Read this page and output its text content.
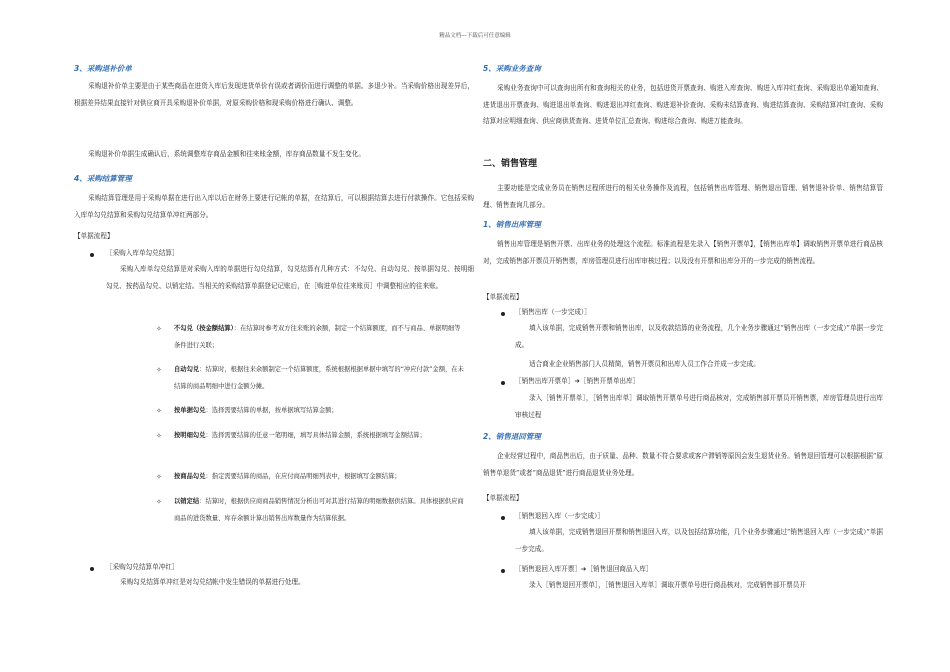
精品文档---下载后可任意编辑
3、采购退补价单
采购退补价单主要是由于某些商品在进货入库后发现进货单价有误或者调价而进行调整的单据。多退少补。当采购价格出现差异后，根据差异结果直接针对供应商开具采购退补价单据，对原采购价格和现采购价格进行确认、调整。
采购退补价单据生成确认后，系统调整库存商品金额和往来账金额，库存商品数量不发生变化。
4、采购结算管理
采购结算管理是用于采购单据在进行出入库以后在财务上要进行记帐的单据，在结算后，可以根据结算去进行付款操作。它包括采购入库单勾兑结算和采购勾兑结算单冲红两部分。
【单据流程】
［采购入库单勾兑结算］
采购入库单勾兑结算是对采购入库的单据进行勾兑结算，勾兑结算有几种方式：不勾兑、自动勾兑、按单据勾兑、按明细勾兑、按药品勾兑、以销定结。当相关的采购结算单据登记记账后，在［购进单位往来账页］中调整相应的往来账。
✧ 不勾兑（按金额结算）：在结算时参考双方往来账的余额，制定一个结算额度，而不与商品、单据明细等条件进行关联；
✧ 自动勾兑：结算时，根据往来余额制定一个结算额度，系统根据根据单据中填写的“冲应付款”金额，在未结算的商品明细中进行金额分摊。
✧ 按单据勾兑：选择需要结算的单据，按单据填写结算金额；
✧ 按明细勾兑：选择需要结算的任意一笔明细，填写具体结算金额，系统根据填写金额结算；
✧ 按商品勾兑：指定需要结算的商品，在应付商品明细列表中，根据填写金额结算；
✧ 以销定结：结算时，根据供应商商品销售情况分析出可对其进行结算的明细数据供结算。具体根据供应商商品的进货数量、库存余额计算出销售出库数量作为结算依据。
［采购勾兑结算单冲红］
采购勾兑结算单冲红是对勾兑结帐中发生错误的单据进行处理。
5、采购业务查询
采购业务查询中可以查询出所有和查询相关的业务，包括进货开票查询、购进入库查询、购进入库冲红查询、采购退出单通知查询、进货退出开票查询、购进退出单查询、购进退出冲红查询、购进退补价查询、采购未结算查询、购进结算查询、采购结算冲红查询、采购结算对应明细查询、供应商供货查询、进货单位汇总查询、购进综合查询、购进万能查询。
二、销售管理
主要功能是完成业务员在销售过程所进行的相关业务操作及流程，包括销售出库管理、销售退出管理、销售退补价单、销售结算管理、销售查询几部分。
1、销售出库管理
销售出库管理是销售开票、出库业务的处理这个流程。标准流程是先录入【销售开票单】，【销售出库单】调取销售开票单进行商品核对，完成销售部开票员开销售票，库房管理员进行出库审核过程；以及没有开票和出库分开的一步完成的销售流程。
【单据流程】
［销售出库（一步完成）］
填入该单据，完成销售开票和销售出库，以及收款结算的业务流程，几个业务步骤通过“销售出库（一步完成）”单据一步完成。
适合商业企业销售部门人员精简，销售开票员和出库人员工作合并成一步完成。
［销售出库开票单］➔［销售开票单出库］
录入［销售开票单］，［销售出库单］调取销售开票单号进行商品核对，完成销售部开票员开销售票，库房管理员进行出库审核过程
2、销售退回管理
企业经营过程中，商品售出后，由于质量、品种、数量不符合要求或客户滞销等原因会发生退货业务。销售退回管理可以根据根据“原销售单退货”或者“商品退货”进行商品退货业务处理。
【单据流程】
［销售退回入库（一步完成）］
填入该单据，完成销售退回开票和销售退回入库，以及包括结算功能，几个业务步骤通过“销售退回入库（一步完成）”单据一步完成。
［销售退回入库开票］➔［销售退回商品入库］
录入［销售退回开票单］，［销售退回入库单］调取开票单号进行商品核对，完成销售部开票员开
